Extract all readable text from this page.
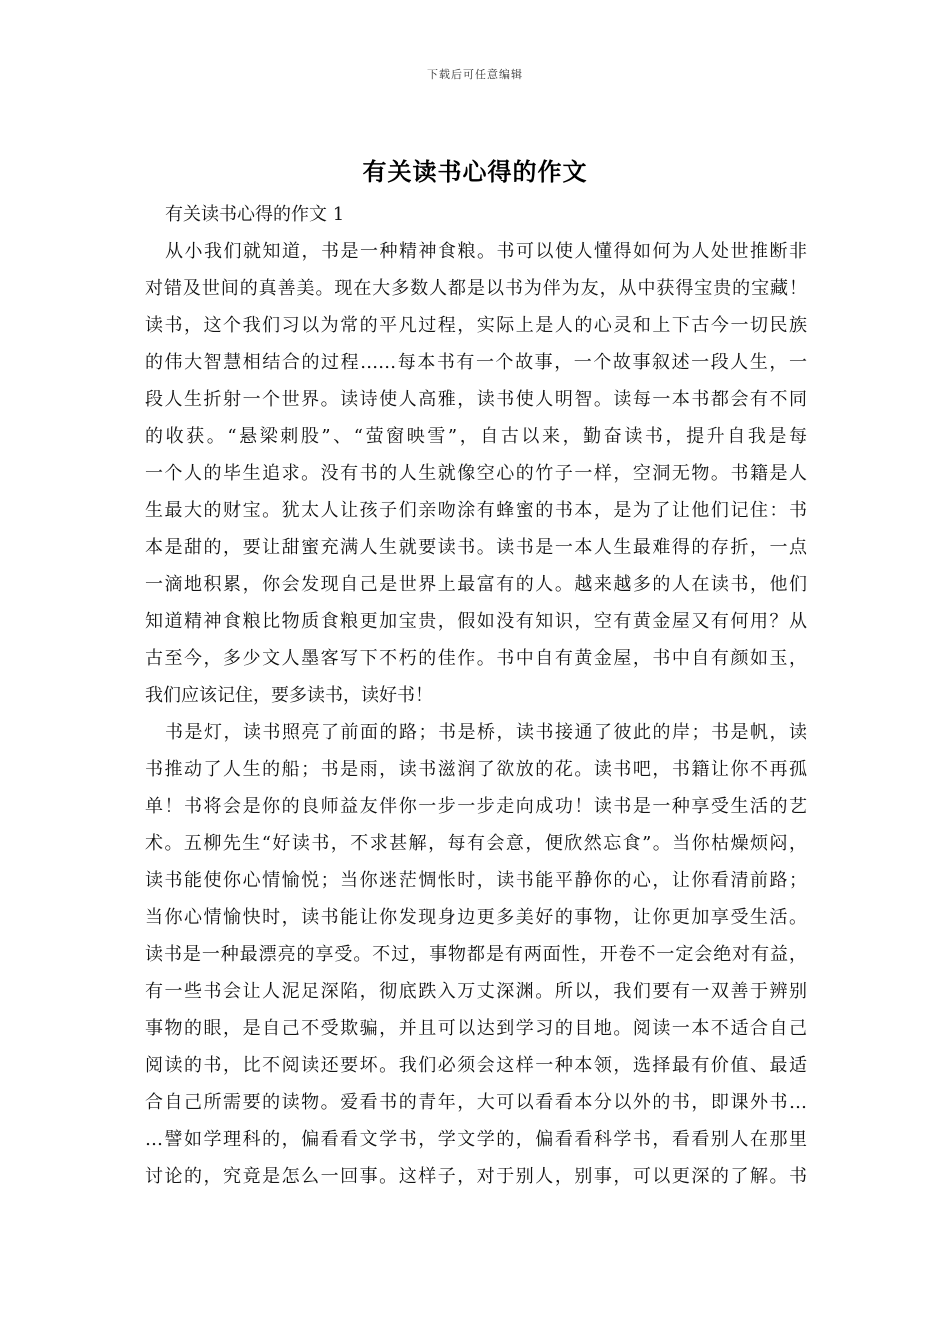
下载后可任意编辑
有关读书心得的作文
有关读书心得的作文 1
从小我们就知道，书是一种精神食粮。书可以使人懂得如何为人处世推断非
对错及世间的真善美。现在大多数人都是以书为伴为友，从中获得宝贵的宝藏！
读书，这个我们习以为常的平凡过程，实际上是人的心灵和上下古今一切民族
的伟大智慧相结合的过程……每本书有一个故事，一个故事叙述一段人生，一
段人生折射一个世界。读诗使人高雅，读书使人明智。读每一本书都会有不同
的收获。“悬梁刺股”、“萤窗映雪”，自古以来，勤奋读书，提升自我是每
一个人的毕生追求。没有书的人生就像空心的竹子一样，空洞无物。书籍是人
生最大的财宝。犹太人让孩子们亲吻涂有蜂蜜的书本，是为了让他们记住：书
本是甜的，要让甜蜜充满人生就要读书。读书是一本人生最难得的存折，一点
一滴地积累，你会发现自己是世界上最富有的人。越来越多的人在读书，他们
知道精神食粮比物质食粮更加宝贵，假如没有知识，空有黄金屋又有何用？从
古至今，多少文人墨客写下不朽的佳作。书中自有黄金屋，书中自有颜如玉，
我们应该记住，要多读书，读好书！
书是灯，读书照亮了前面的路；书是桥，读书接通了彼此的岸；书是帆，读
书推动了人生的船；书是雨，读书滋润了欲放的花。读书吧，书籍让你不再孤
单！书将会是你的良师益友伴你一步一步走向成功！读书是一种享受生活的艺
术。五柳先生“好读书，不求甚解，每有会意，便欣然忘食”。当你枯燥烦闷，
读书能使你心情愉悦；当你迷茫惆怅时，读书能平静你的心，让你看清前路；
当你心情愉快时，读书能让你发现身边更多美好的事物，让你更加享受生活。
读书是一种最漂亮的享受。不过，事物都是有两面性，开卷不一定会绝对有益，
有一些书会让人泥足深陷，彻底跌入万丈深渊。所以，我们要有一双善于辨别
事物的眼，是自己不受欺骗，并且可以达到学习的目地。阅读一本不适合自己
阅读的书，比不阅读还要坏。我们必须会这样一种本领，选择最有价值、最适
合自己所需要的读物。爱看书的青年，大可以看看本分以外的书，即课外书…
…譬如学理科的，偏看看文学书，学文学的，偏看看科学书，看看别人在那里
讨论的，究竟是怎么一回事。这样子，对于别人，别事，可以更深的了解。书
